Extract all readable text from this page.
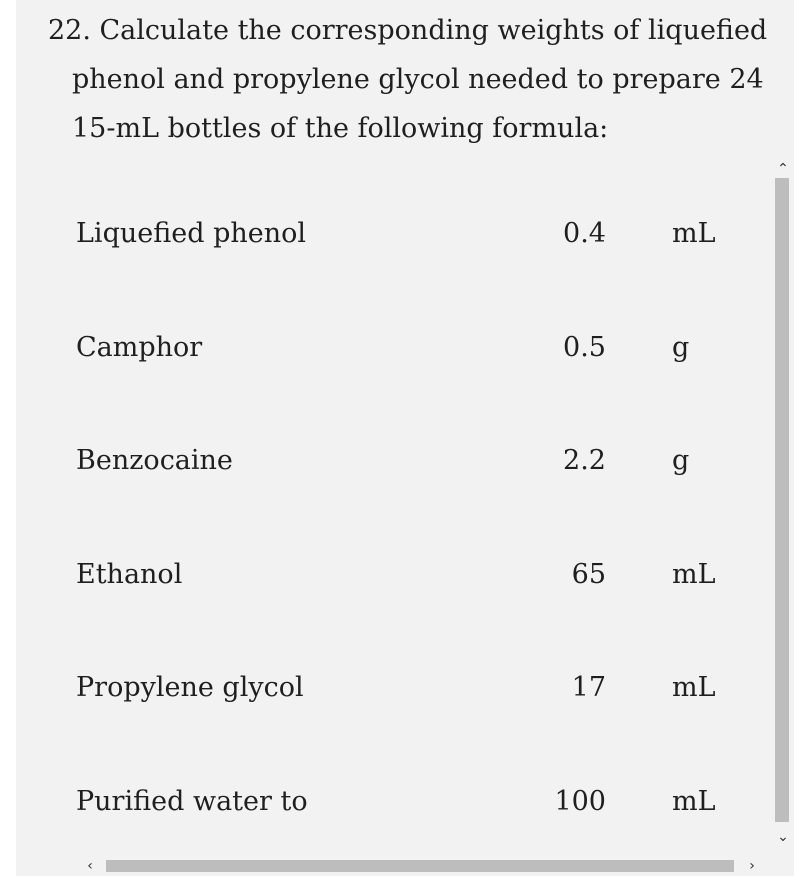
22. Calculate the corresponding weights of liquefied phenol and propylene glycol needed to prepare 24 15-mL bottles of the following formula:
Liquefied phenol	0.4 mL
Camphor	0.5 g
Benzocaine	2.2 g
Ethanol	65 mL
Propylene glycol	17 mL
Purified water to	100 mL
⌃
⌄
‹	›
